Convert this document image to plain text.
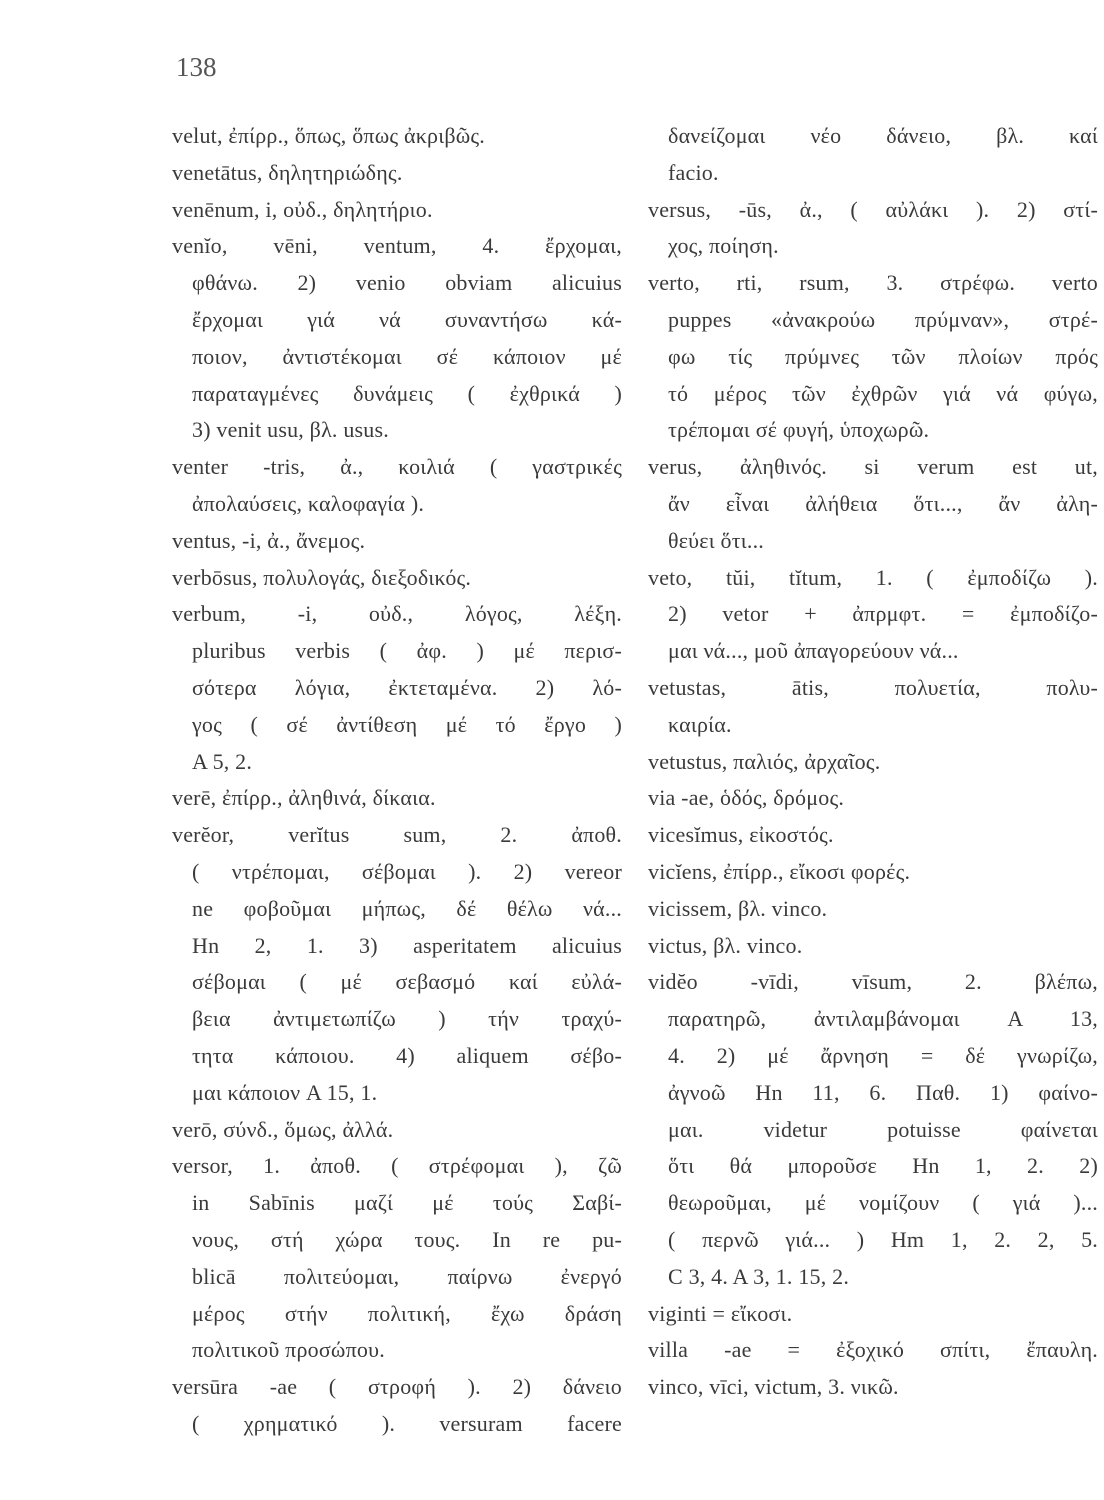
138
velut, ἐπίρρ., ὅπως, ὅπως ἀκριβῶς.
venetātus, δηλητηριώδης.
venēnum, i, οὐδ., δηλητήριο.
venĭo, vēni, ventum, 4. ἔρχομαι,
φθάνω. 2) venio obviam alicuius
ἔρχομαι γιά νά συναντήσω κά-
ποιον, ἀντιστέκομαι σέ κάποιον μέ
παραταγμένες δυνάμεις ( ἐχθρικά )
3) venit usu, βλ. usus.
venter -tris, ἀ., κοιλιά ( γαστρικές
ἀπολαύσεις, καλοφαγία ).
ventus, -i, ἀ., ἄνεμος.
verbōsus, πολυλογάς, διεξοδικός.
verbum, -i, οὐδ., λόγος, λέξη.
pluribus verbis ( ἀφ. ) μέ περισ-
σότερα λόγια, ἐκτεταμένα. 2) λό-
γος ( σέ ἀντίθεση μέ τό ἔργο )
A 5, 2.
verē, ἐπίρρ., ἀληθινά, δίκαια.
verĕor, verĭtus sum, 2. ἀποθ.
( ντρέπομαι, σέβομαι ). 2) vereor
ne φοβοῦμαι μήπως, δέ θέλω νά...
Hn 2, 1. 3) asperitatem alicuius
σέβομαι ( μέ σεβασμό καί εὐλά-
βεια ἀντιμετωπίζω ) τήν τραχύ-
τητα κάποιου. 4) aliquem σέβο-
μαι κάποιον A 15, 1.
verō, σύνδ., ὅμως, ἀλλά.
versor, 1. ἀποθ. ( στρέφομαι ), ζῶ
in Sabīnis μαζί μέ τούς Σαβί-
νους, στή χώρα τους. In re pu-
blicā πολιτεύομαι, παίρνω ἐνεργό
μέρος στήν πολιτική, ἔχω δράση
πολιτικοῦ προσώπου.
versūra -ae ( στροφή ). 2) δάνειο
( χρηματικό ). versuram facere
δανείζομαι νέο δάνειο, βλ. καί
facio.
versus, -ūs, ἀ., ( αὐλάκι ). 2) στί-
χος, ποίηση.
verto, rti, rsum, 3. στρέφω. verto
puppes «ἀνακρούω πρύμναν», στρέ-
φω τίς πρύμνες τῶν πλοίων πρός
τό μέρος τῶν ἐχθρῶν γιά νά φύγω,
τρέπομαι σέ φυγή, ὑποχωρῶ.
verus, ἀληθινός. si verum est ut,
ἄν εἶναι ἀλήθεια ὅτι..., ἄν ἀλη-
θεύει ὅτι...
veto, tŭi, tĭtum, 1. ( ἐμποδίζω ).
2) vetor + ἀπρμφτ. = ἐμποδίζο-
μαι νά..., μοῦ ἀπαγορεύουν νά...
vetustas, ātis, πολυετία, πολυ-
καιρία.
vetustus, παλιός, ἀρχαῖος.
via -ae, ὁδός, δρόμος.
vicesĭmus, εἰκοστός.
vicĭens, ἐπίρρ., εἴκοσι φορές.
vicissem, βλ. vinco.
victus, βλ. vinco.
vidĕo -vīdi, vīsum, 2. βλέπω,
παρατηρῶ, ἀντιλαμβάνομαι A 13,
4. 2) μέ ἄρνηση = δέ γνωρίζω,
ἀγνοῶ Hn 11, 6. Παθ. 1) φαίνο-
μαι. videtur potuisse φαίνεται
ὅτι θά μποροῦσε Hn 1, 2. 2)
θεωροῦμαι, μέ νομίζουν ( γιά )...
( περνῶ γιά... ) Hm 1, 2. 2, 5.
C 3, 4. A 3, 1. 15, 2.
viginti = εἴκοσι.
villa -ae = ἐξοχικό σπίτι, ἔπαυλη.
vinco, vīci, victum, 3. νικῶ.
